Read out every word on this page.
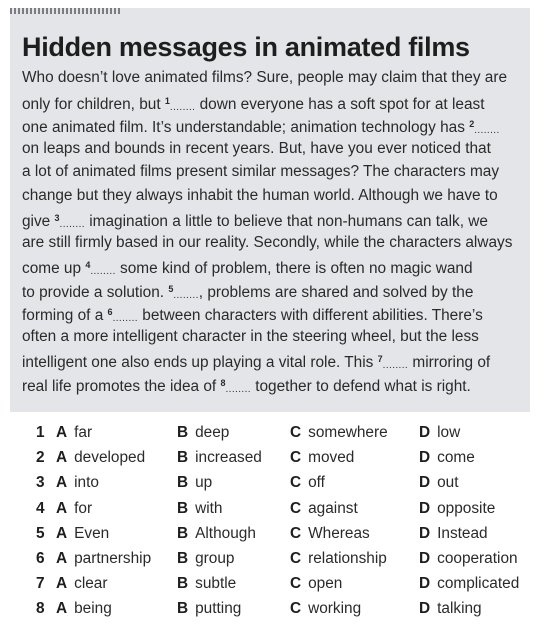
Hidden messages in animated films
Who doesn’t love animated films? Sure, people may claim that they are
only for children, but $^1$........ down everyone has a soft spot for at least
one animated film. It’s understandable; animation technology has $^2$........
on leaps and bounds in recent years. But, have you ever noticed that
a lot of animated films present similar messages? The characters may
change but they always inhabit the human world. Although we have to
give $^3$........ imagination a little to believe that non-humans can talk, we
are still firmly based in our reality. Secondly, while the characters always
come up $^4$........ some kind of problem, there is often no magic wand
to provide a solution. $^5$........, problems are shared and solved by the
forming of a $^6$........ between characters with different abilities. There’s
often a more intelligent character in the steering wheel, but the less
intelligent one also ends up playing a vital role. This $^7$........ mirroring of
real life promotes the idea of $^8$........ together to defend what is right.
1 A far	B deep	C somewhere D low
2 A developed B increased C moved	D come
3 A into	B up	C off	D out
4 A for	B with	C against	D opposite
5 A Even	B Although C Whereas	D Instead
6 A partnership B group	C relationship D cooperation
7 A clear	B subtle	C open	D complicated
8 A being	B putting	C working	D talking
